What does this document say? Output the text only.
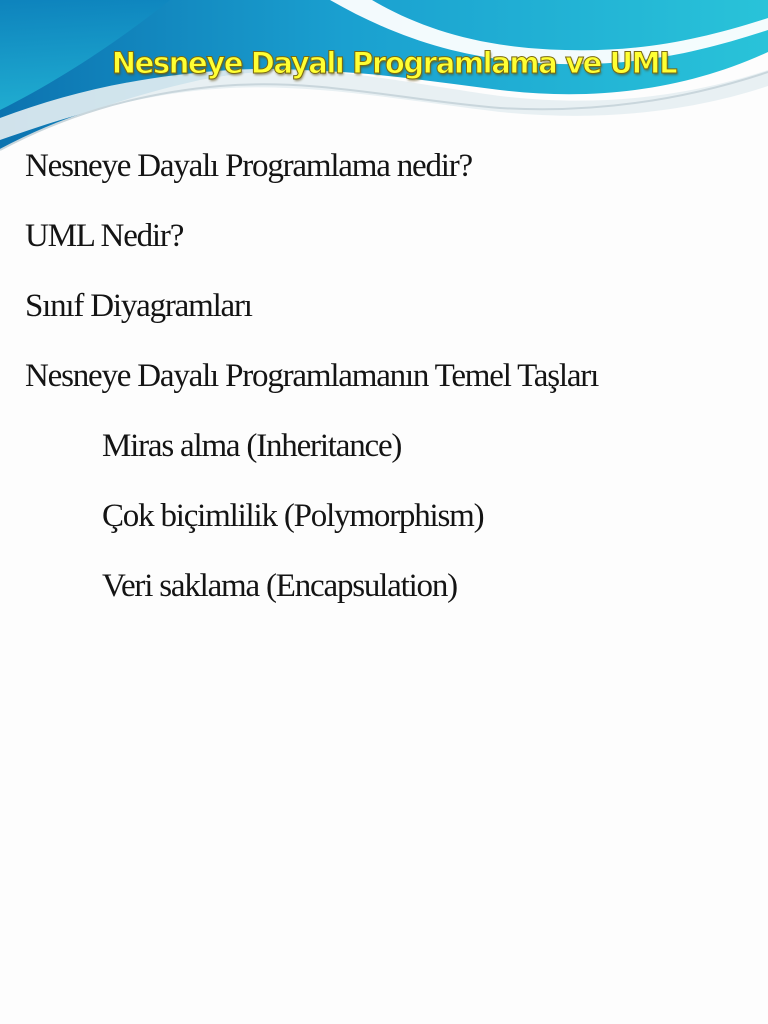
Nesneye Dayalı Programlama ve UML
Nesneye Dayalı Programlama nedir?
UML Nedir?
Sınıf Diyagramları
Nesneye Dayalı Programlamanın Temel Taşları
Miras alma (Inheritance)
Çok biçimlilik (Polymorphism)
Veri saklama (Encapsulation)
